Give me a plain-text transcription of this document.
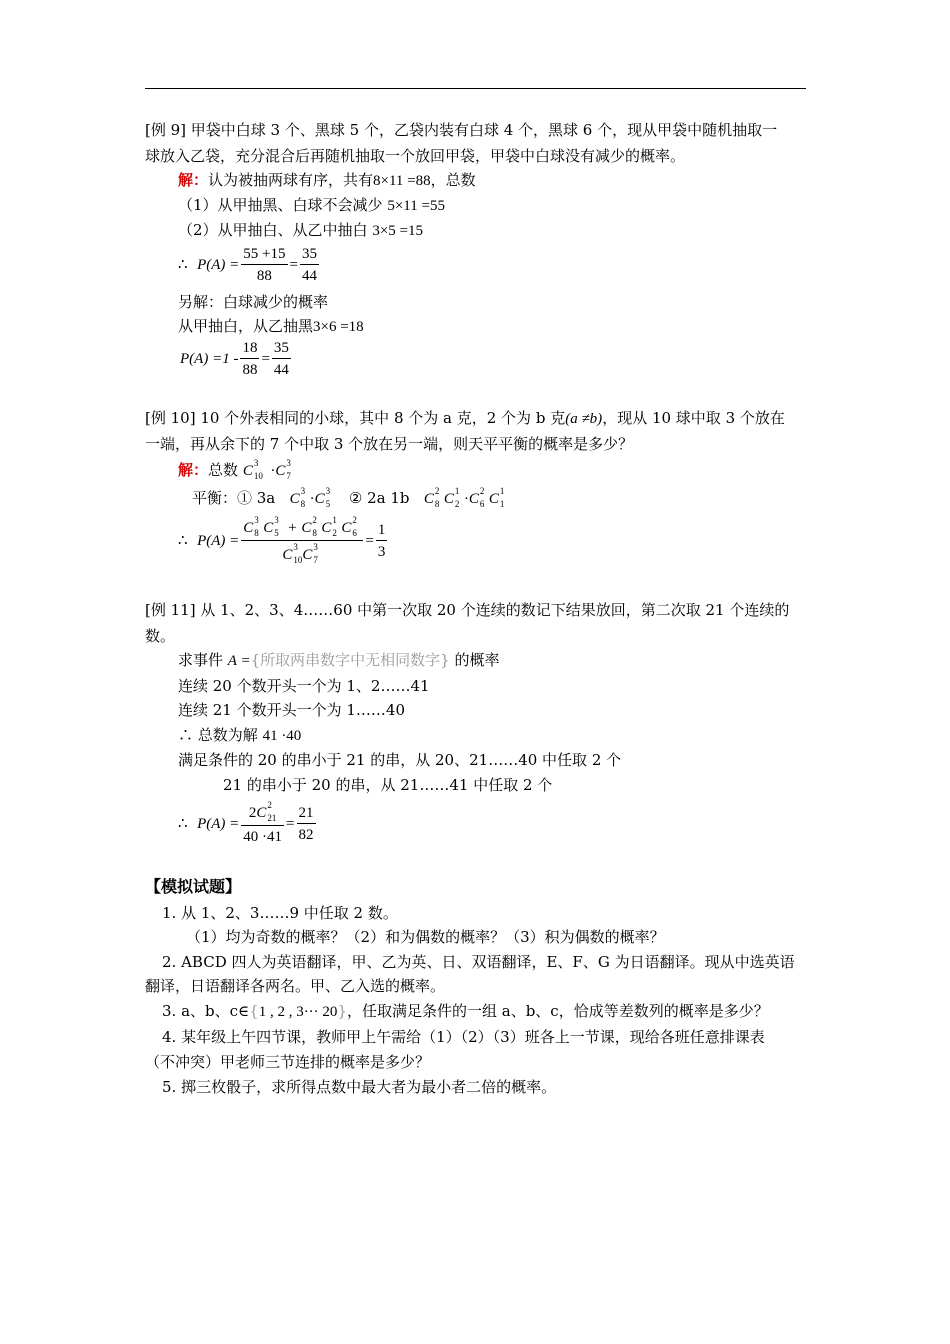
[例 9] 甲袋中白球 3 个、黑球 5 个，乙袋内装有白球 4 个，黑球 6 个，现从甲袋中随机抽取一
球放入乙袋，充分混合后再随机抽取一个放回甲袋，甲袋中白球没有减少的概率。
解：认为被抽两球有序，共有8×11 =88，总数
（1）从甲抽黑、白球不会减少 5×11 =55
（2）从甲抽白、从乙中抽白 3×5 =15
∴ $P(A) = \frac{55 +15}{88} = \frac{35}{44}$
另解：白球减少的概率
从甲抽白，从乙抽黑3×6 =18
$P(A) =1 - \frac{18}{88} = \frac{35}{44}$
[例 10] 10 个外表相同的小球，其中 8 个为 a 克，2 个为 b 克(a ≠b)，现从 10 球中取 3 个放在
一端，再从余下的 7 个中取 3 个放在另一端，则天平平衡的概率是多少？
解：总数 C 3
10 ·C 3
7
平衡：① 3a C 3
8 ·C 3
5 ② 2a 1b C 2
8 C 1
2 ·C 2
6 C 1
1
∴ P(A) = C 3
8 C 3
5 + C 2
8 C 1
2 C 2
6
C 3
10 C 3
$7 = \frac{1}{3}$
[例 11] 从 1、2、3、4……60 中第一次取 20 个连续的数记下结果放回，第二次取 21 个连续的
数。
求事件 A ={所取两串数字中无相同数字} 的概率
连续 20 个数开头一个为 1、2……41
连续 21 个数开头一个为 1……40
∴ 总数为解 41 ·40
满足条件的 20 的串小于 21 的串，从 20、21……40 中任取 2 个
21 的串小于 20 的串，从 21……41 中任取 2 个
∴ P(A) = 2C 2
21
$40 \cdot 41 = \frac{21}{82}$
【模拟试题】
1. 从 1、2、3……9 中任取 2 数。
（1）均为奇数的概率？（2）和为偶数的概率？（3）积为偶数的概率？
2. ABCD 四人为英语翻译，甲、乙为英、日、双语翻译，E、F、G 为日语翻译。现从中选英语
翻译，日语翻译各两名。甲、乙入选的概率。
3. a、b、c∈{1 , 2 , 3··· 20}，任取满足条件的一组 a、b、c，恰成等差数列的概率是多少？
4. 某年级上午四节课，教师甲上午需给（1）（2）（3）班各上一节课，现给各班任意排课表
（不冲突）甲老师三节连排的概率是多少？
5. 掷三枚骰子，求所得点数中最大者为最小者二倍的概率。
